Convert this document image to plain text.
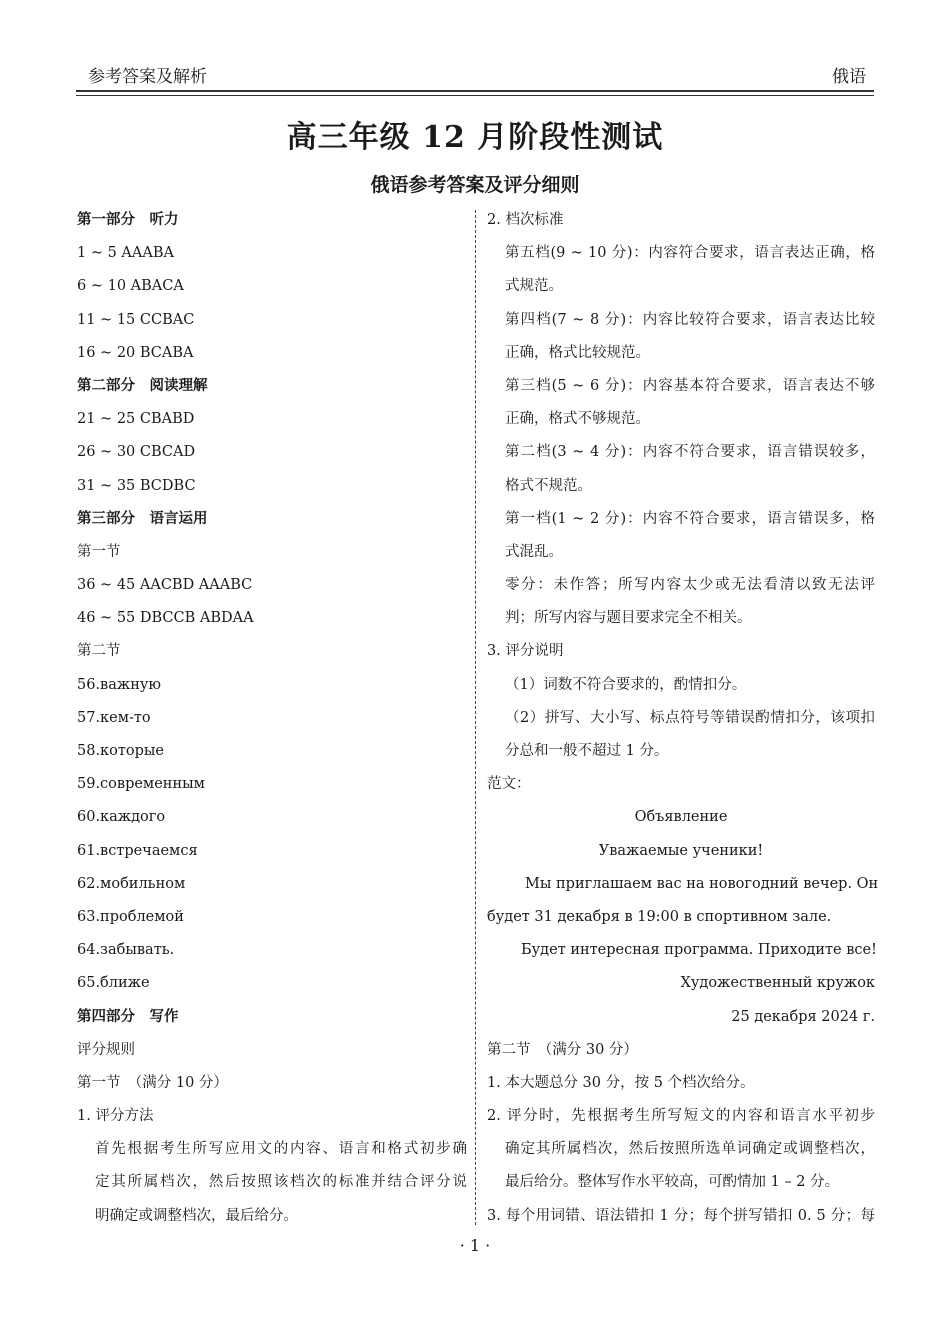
参考答案及解析	俄语
高三年级 12 月阶段性测试
俄语参考答案及评分细则
第一部分　听力
1 ~ 5 AAABA
6 ~ 10 ABACA
11 ~ 15 CCBAC
16 ~ 20 BCABA
第二部分　阅读理解
21 ~ 25 CBABD
26 ~ 30 CBCAD
31 ~ 35 BCDBC
第三部分　语言运用
第一节
36 ~ 45 AACBD AAABC
46 ~ 55 DBCCB ABDAA
第二节
56.важную
57.кем-то
58.которые
59.современным
60.каждого
61.встречаемся
62.мобильном
63.проблемой
64.забывать.
65.ближе
第四部分　写作
评分规则
第一节　（满分 10 分）
1. 评分方法
首先根据考生所写应用文的内容、语言和格式初步确
定其所属档次，然后按照该档次的标准并结合评分说
明确定或调整档次，最后给分。
2. 档次标准
第五档(9 ~ 10 分)：内容符合要求，语言表达正确，格
式规范。
第四档(7 ~ 8 分)：内容比较符合要求，语言表达比较
正确，格式比较规范。
第三档(5 ~ 6 分)：内容基本符合要求，语言表达不够
正确，格式不够规范。
第二档(3 ~ 4 分)：内容不符合要求，语言错误较多，
格式不规范。
第一档(1 ~ 2 分)：内容不符合要求，语言错误多，格
式混乱。
零分：未作答；所写内容太少或无法看清以致无法评
判；所写内容与题目要求完全不相关。
3. 评分说明
（1）词数不符合要求的，酌情扣分。
（2）拼写、大小写、标点符号等错误酌情扣分，该项扣
分总和一般不超过 1 分。
范文：
Объявление
Уважаемые ученики!
Мы приглашаем вас на новогодний вечер. Он
будет 31 декабря в 19:00 в спортивном зале.
Будет интересная программа. Приходите все!
Художественный кружок
25 декабря 2024 г.
第二节　（满分 30 分）
1. 本大题总分 30 分，按 5 个档次给分。
2. 评分时，先根据考生所写短文的内容和语言水平初步
确定其所属档次，然后按照所选单词确定或调整档次，
最后给分。整体写作水平较高，可酌情加 1 – 2 分。
3. 每个用词错、语法错扣 1 分；每个拼写错扣 0. 5 分；每
· 1 ·
